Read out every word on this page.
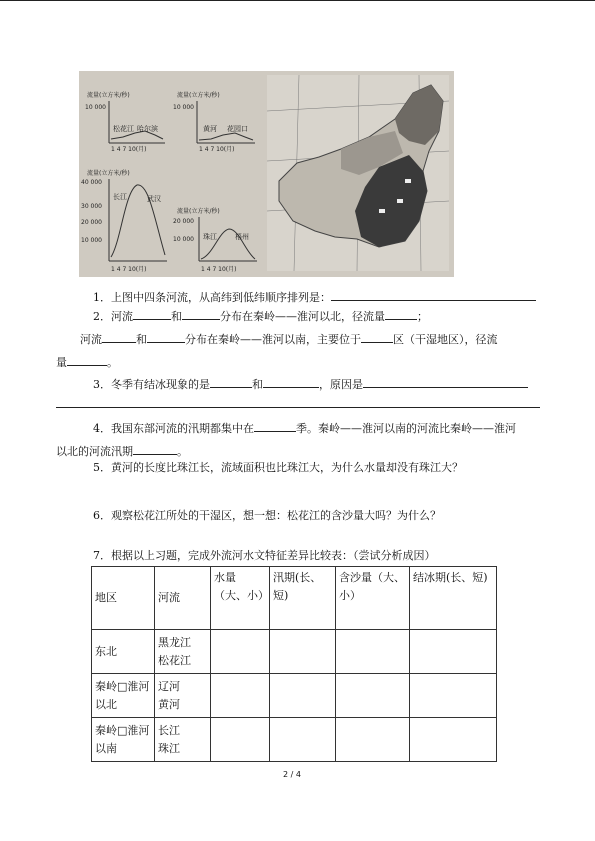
流量(立方米/秒)
10 000
松花江 哈尔滨
1 4 7 10(月)
流量(立方米/秒)
10 000
黄河 花园口
1 4 7 10(月)
流量(立方米/秒)
40 000
30 000
20 000
10 000
长江	武汉
1 4 7 10(月)
流量(立方米/秒)
20 000
10 000 珠江	梧州
1 4 7 10(月)
1．上图中四条河流，从高纬到低纬顺序排列是：
2．河流	和	分布在秦岭——淮河以北，径流量	；
河流	和	分布在秦岭——淮河以南，主要位于	区（干湿地区），径流
量	。
3．冬季有结冰现象的是	和	，原因是
4．我国东部河流的汛期都集中在	季。秦岭——淮河以南的河流比秦岭——淮河
以北的河流汛期	。
5．黄河的长度比珠江长，流域面积也比珠江大，为什么水量却没有珠江大？
6．观察松花江所处的干湿区，想一想：松花江的含沙量大吗？为什么？
7．根据以上习题，完成外流河水文特征差异比较表：（尝试分析成因）
地区	河流	水量（大、小）	汛期(长、短)	含沙量（大、小）	结冰期(长、短)
东北	黑龙江
松花江				
秦岭□淮河以北	辽河
黄河				
秦岭□淮河以南	长江
珠江				
2 / 4
